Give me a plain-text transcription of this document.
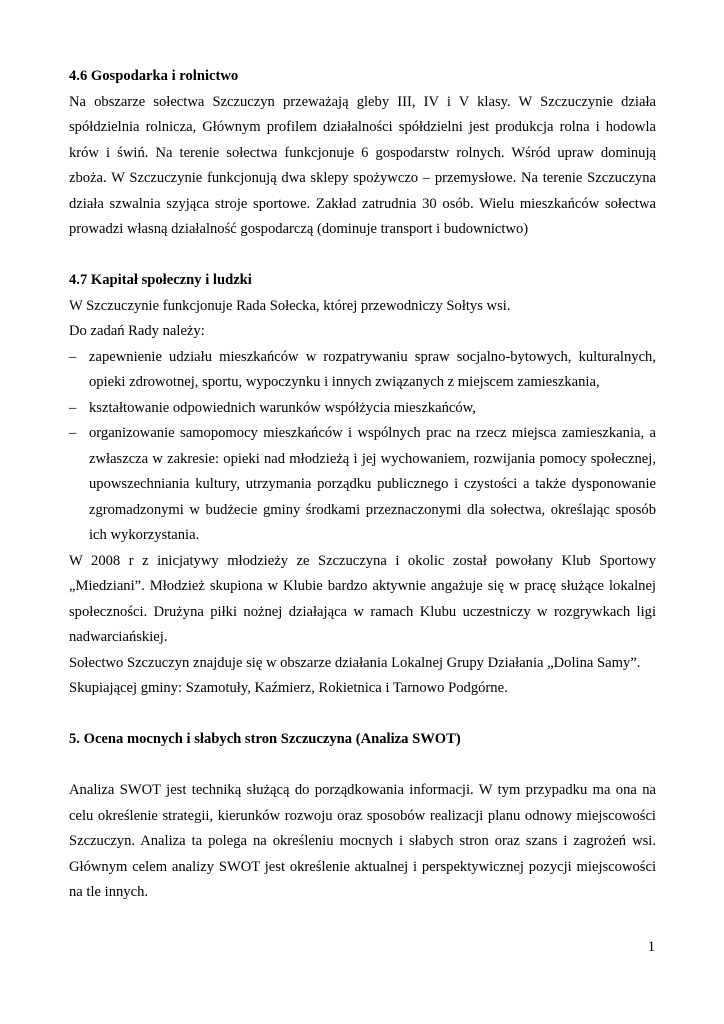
4.6 Gospodarka i rolnictwo

Na obszarze sołectwa Szczuczyn przeważają gleby III, IV i V klasy. W Szczuczynie działa spółdzielnia rolnicza, Głównym profilem działalności spółdzielni jest produkcja rolna i hodowla krów i świń. Na terenie sołectwa funkcjonuje 6 gospodarstw rolnych. Wśród upraw dominują zboża. W Szczuczynie funkcjonują dwa sklepy spożywczo – przemysłowe. Na terenie Szczuczyna działa szwalnia szyjąca stroje sportowe. Zakład zatrudnia 30 osób. Wielu mieszkańców sołectwa prowadzi własną działalność gospodarczą (dominuje transport i budownictwo)

4.7 Kapitał społeczny i ludzki

W Szczuczynie funkcjonuje Rada Sołecka, której przewodniczy Sołtys wsi.

Do zadań Rady należy:

– zapewnienie udziału mieszkańców w rozpatrywaniu spraw socjalno-bytowych, kulturalnych, opieki zdrowotnej, sportu, wypoczynku i innych związanych z miejscem zamieszkania,
– kształtowanie odpowiednich warunków współżycia mieszkańców,
– organizowanie samopomocy mieszkańców i wspólnych prac na rzecz miejsca zamieszkania, a zwłaszcza w zakresie: opieki nad młodzieżą i jej wychowaniem, rozwijania pomocy społecznej, upowszechniania kultury, utrzymania porządku publicznego i czystości a także dysponowanie zgromadzonymi w budżecie gminy środkami przeznaczonymi dla sołectwa, określając sposób ich wykorzystania.

W 2008 r z inicjatywy młodzieży ze Szczuczyna i okolic został powołany Klub Sportowy „Miedziani”. Młodzież skupiona w Klubie bardzo aktywnie angażuje się w pracę służące lokalnej społeczności. Drużyna piłki nożnej działająca w ramach Klubu uczestniczy w rozgrywkach ligi nadwarciańskiej.

Sołectwo Szczuczyn znajduje się w obszarze działania Lokalnej Grupy Działania „Dolina Samy”.

Skupiającej gminy: Szamotuły, Kaźmierz, Rokietnica i Tarnowo Podgórne.

5. Ocena mocnych i słabych stron Szczuczyna (Analiza SWOT)

Analiza SWOT jest techniką służącą do porządkowania informacji. W tym przypadku ma ona na celu określenie strategii, kierunków rozwoju oraz sposobów realizacji planu odnowy miejscowości Szczuczyn. Analiza ta polega na określeniu mocnych i słabych stron oraz szans i zagrożeń wsi. Głównym celem analizy SWOT jest określenie aktualnej i perspektywicznej pozycji miejscowości na tle innych.

1
